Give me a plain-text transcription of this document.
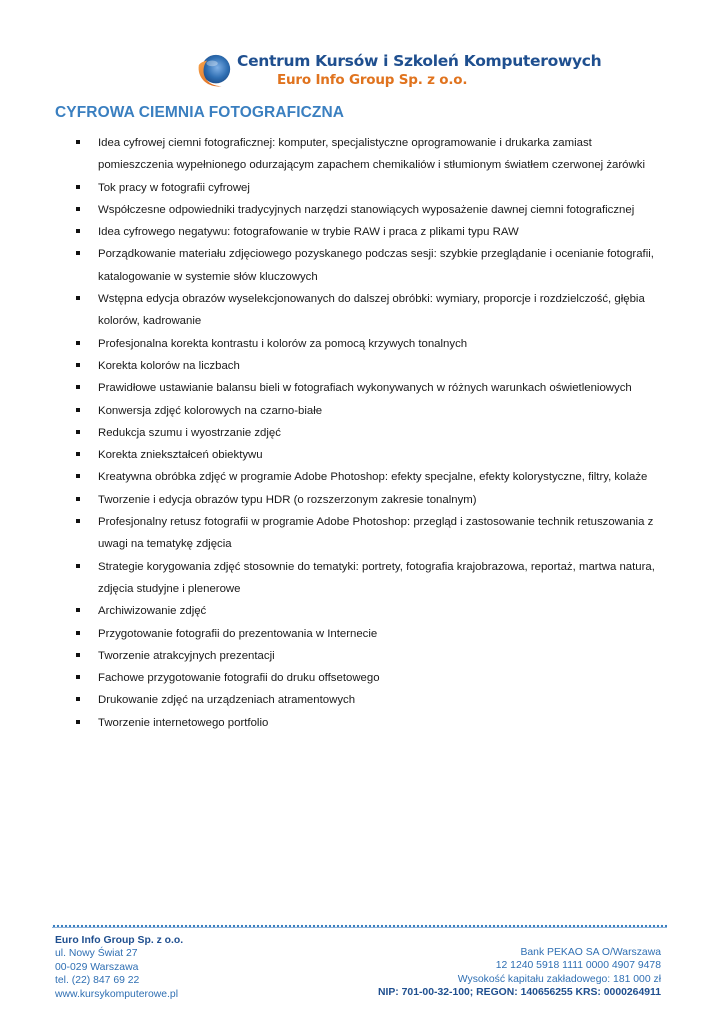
Centrum Kursów i Szkoleń Komputerowych
Euro Info Group Sp. z o.o.
CYFROWA CIEMNIA FOTOGRAFICZNA
Idea cyfrowej ciemni fotograficznej: komputer, specjalistyczne oprogramowanie i drukarka zamiast pomieszczenia wypełnionego odurzającym zapachem chemikaliów i stłumionym światłem czerwonej żarówki
Tok pracy w fotografii cyfrowej
Współczesne odpowiedniki tradycyjnych narzędzi stanowiących wyposażenie dawnej ciemni fotograficznej
Idea cyfrowego negatywu: fotografowanie w trybie RAW i praca z plikami typu RAW
Porządkowanie materiału zdjęciowego pozyskanego podczas sesji: szybkie przeglądanie i ocenianie fotografii, katalogowanie w systemie słów kluczowych
Wstępna edycja obrazów wyselekcjonowanych do dalszej obróbki: wymiary, proporcje i rozdzielczość, głębia kolorów, kadrowanie
Profesjonalna korekta kontrastu i kolorów za pomocą krzywych tonalnych
Korekta kolorów na liczbach
Prawidłowe ustawianie balansu bieli w fotografiach wykonywanych w różnych warunkach oświetleniowych
Konwersja zdjęć kolorowych na czarno-białe
Redukcja szumu i wyostrzanie zdjęć
Korekta zniekształceń obiektywu
Kreatywna obróbka zdjęć w programie Adobe Photoshop: efekty specjalne, efekty kolorystyczne, filtry, kolaże
Tworzenie i edycja obrazów typu HDR (o rozszerzonym zakresie tonalnym)
Profesjonalny retusz fotografii w programie Adobe Photoshop: przegląd i zastosowanie technik retuszowania z uwagi na tematykę zdjęcia
Strategie korygowania zdjęć stosownie do tematyki: portrety, fotografia krajobrazowa, reportaż, martwa natura, zdjęcia studyjne i plenerowe
Archiwizowanie zdjęć
Przygotowanie fotografii do prezentowania w Internecie
Tworzenie atrakcyjnych prezentacji
Fachowe przygotowanie fotografii do druku offsetowego
Drukowanie zdjęć na urządzeniach atramentowych
Tworzenie internetowego portfolio
Euro Info Group Sp. z o.o.
ul. Nowy Świat 27
00-029 Warszawa
tel. (22) 847 69 22
www.kursykomputerowe.pl
Bank PEKAO SA O/Warszawa
12 1240 5918 1111 0000 4907 9478
Wysokość kapitału zakładowego: 181 000 zł
NIP: 701-00-32-100; REGON: 140656255 KRS: 0000264911
